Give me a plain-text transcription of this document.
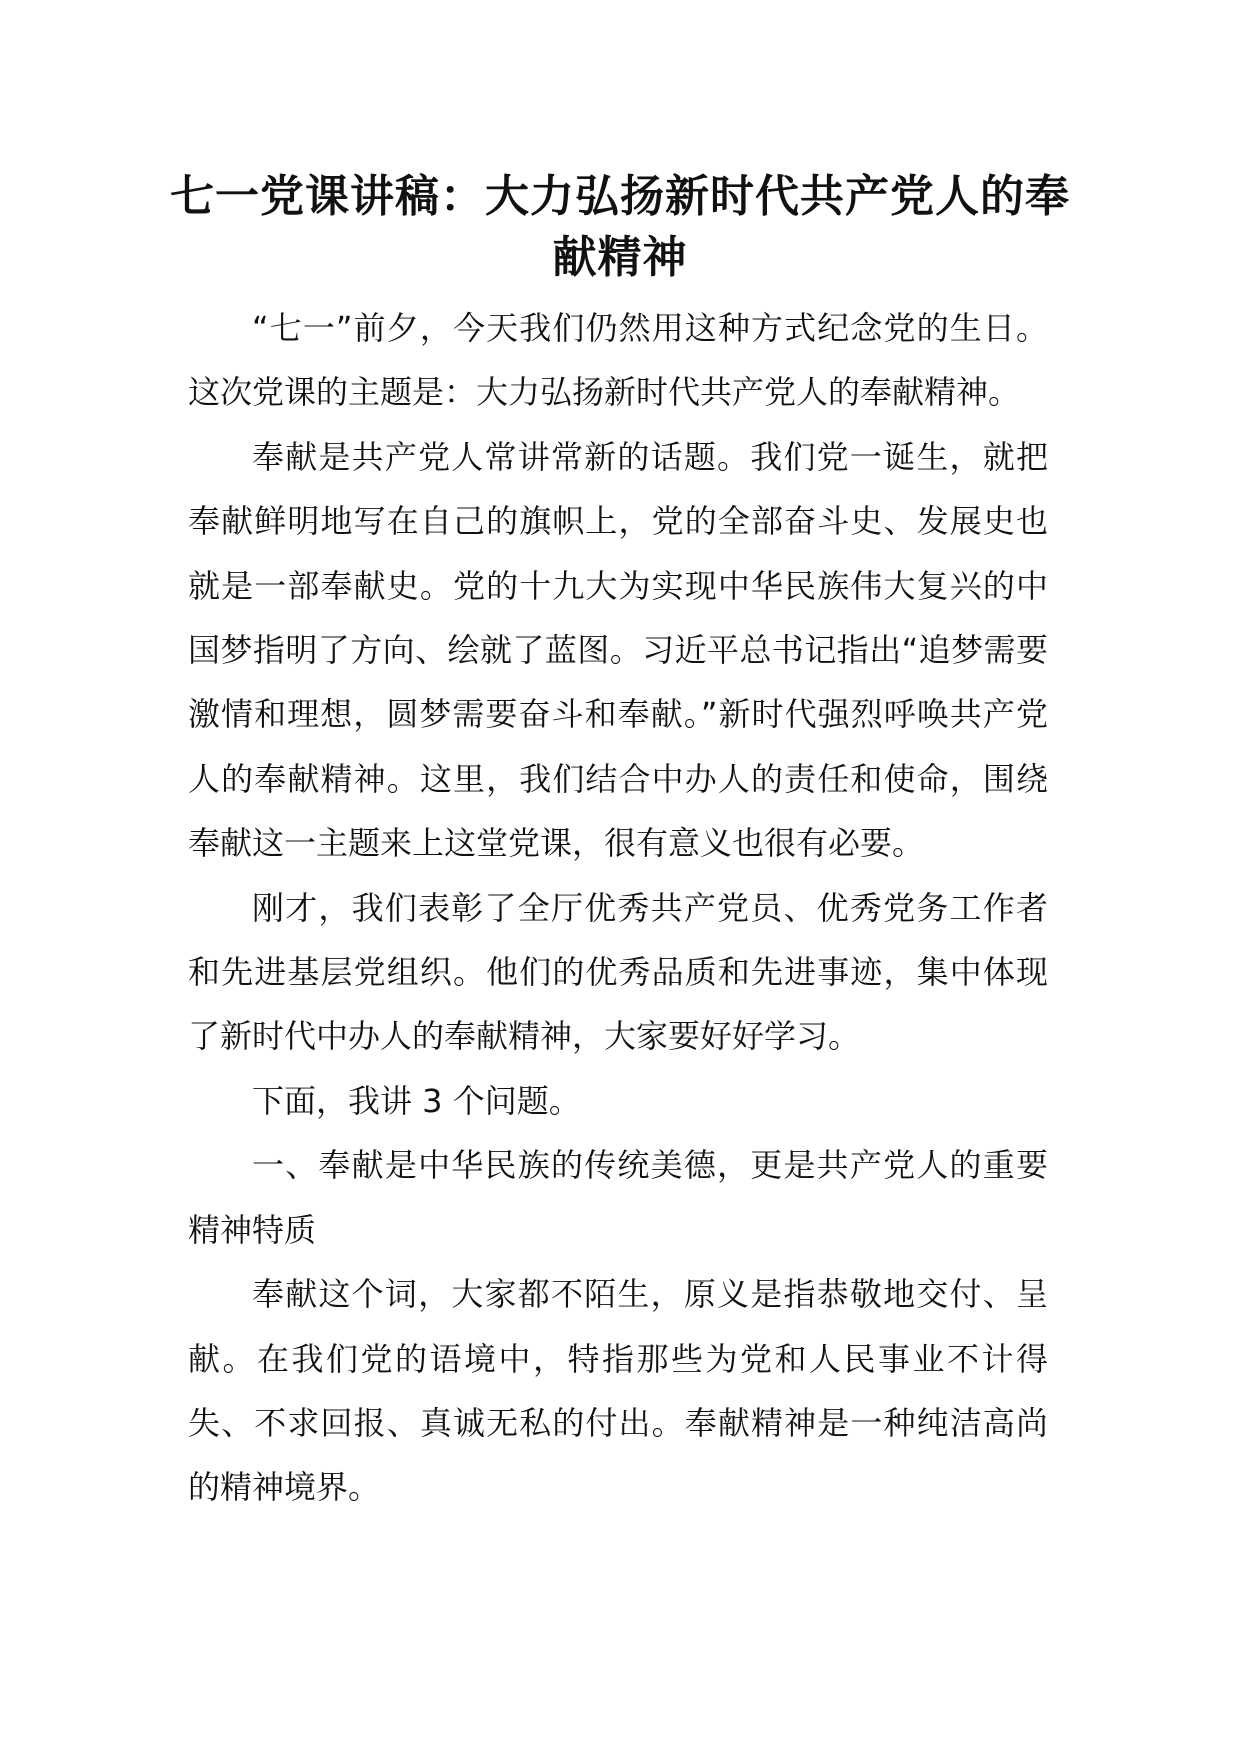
七一党课讲稿：大力弘扬新时代共产党人的奉献精神

“七一”前夕，今天我们仍然用这种方式纪念党的生日。这次党课的主题是：大力弘扬新时代共产党人的奉献精神。

奉献是共产党人常讲常新的话题。我们党一诞生，就把奉献鲜明地写在自己的旗帜上，党的全部奋斗史、发展史也就是一部奉献史。党的十九大为实现中华民族伟大复兴的中国梦指明了方向、绘就了蓝图。习近平总书记指出“追梦需要激情和理想，圆梦需要奋斗和奉献。”新时代强烈呼唤共产党人的奉献精神。这里，我们结合中办人的责任和使命，围绕奉献这一主题来上这堂党课，很有意义也很有必要。

刚才，我们表彰了全厅优秀共产党员、优秀党务工作者和先进基层党组织。他们的优秀品质和先进事迹，集中体现了新时代中办人的奉献精神，大家要好好学习。

下面，我讲 3 个问题。

一、奉献是中华民族的传统美德，更是共产党人的重要精神特质

奉献这个词，大家都不陌生，原义是指恭敬地交付、呈献。在我们党的语境中，特指那些为党和人民事业不计得失、不求回报、真诚无私的付出。奉献精神是一种纯洁高尚的精神境界。
